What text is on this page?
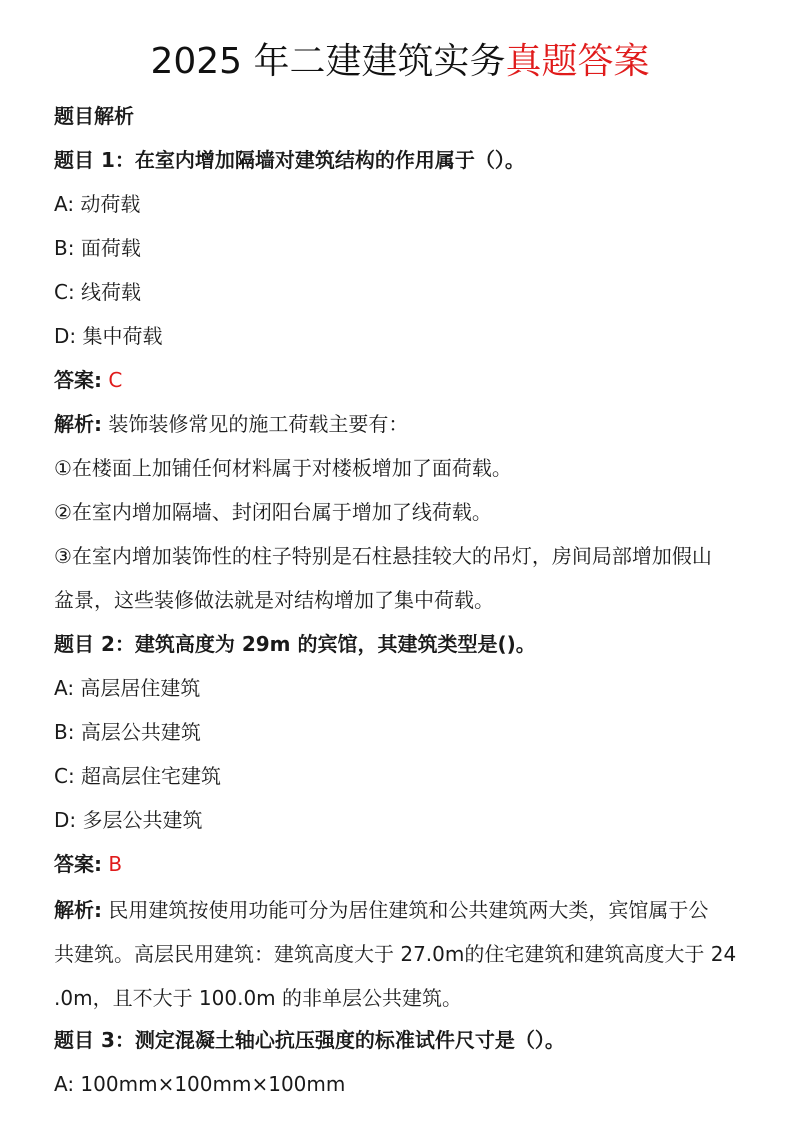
2025 年二建建筑实务真题答案
题目解析
题目 1：在室内增加隔墙对建筑结构的作用属于（）。
A: 动荷载
B: 面荷载
C: 线荷载
D: 集中荷载
答案: C
解析: 装饰装修常见的施工荷载主要有：
①在楼面上加铺任何材料属于对楼板增加了面荷载。
②在室内增加隔墙、封闭阳台属于增加了线荷载。
③在室内增加装饰性的柱子特别是石柱悬挂较大的吊灯，房间局部增加假山
盆景，这些装修做法就是对结构增加了集中荷载。
题目 2：建筑高度为 29m 的宾馆，其建筑类型是()。
A: 高层居住建筑
B: 高层公共建筑
C: 超高层住宅建筑
D: 多层公共建筑
答案: B
解析: 民用建筑按使用功能可分为居住建筑和公共建筑两大类，宾馆属于公
共建筑。高层民用建筑：建筑高度大于 27.0m的住宅建筑和建筑高度大于 24
.0m，且不大于 100.0m 的非单层公共建筑。
题目 3：测定混凝土轴心抗压强度的标准试件尺寸是（）。
A: 100mm×100mm×100mm
